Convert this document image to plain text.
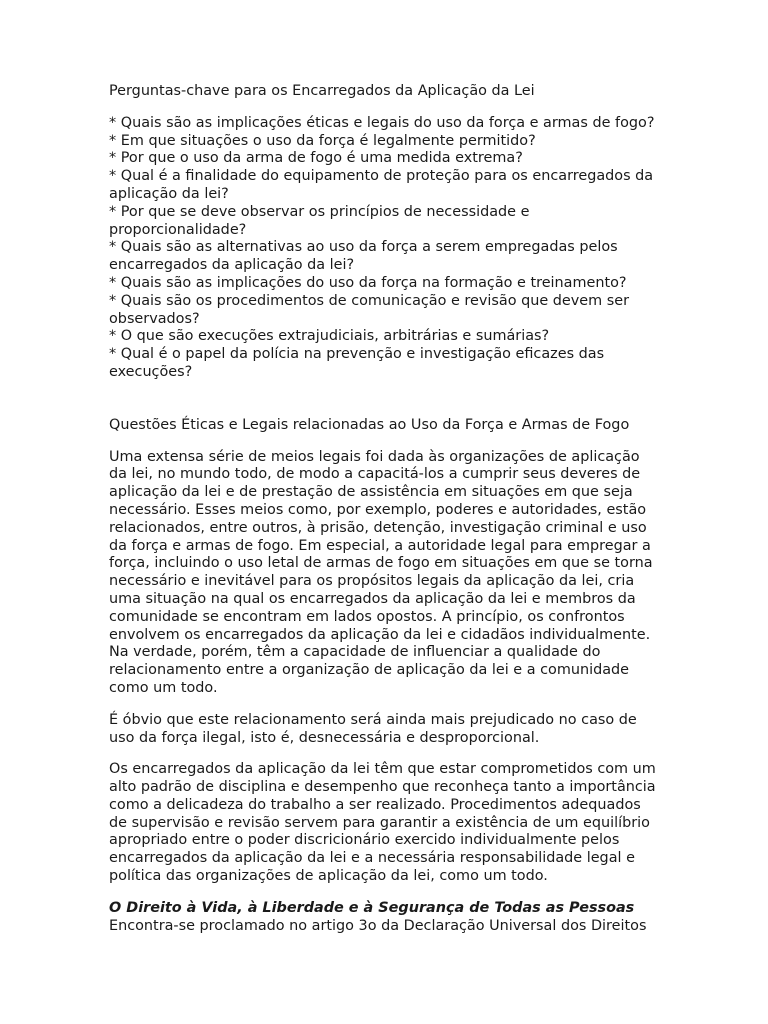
Perguntas-chave para os Encarregados da Aplicação da Lei

* Quais são as implicações éticas e legais do uso da força e armas de fogo?
* Em que situações o uso da força é legalmente permitido?
* Por que o uso da arma de fogo é uma medida extrema?
* Qual é a finalidade do equipamento de proteção para os encarregados da aplicação da lei?
* Por que se deve observar os princípios de necessidade e proporcionalidade?
* Quais são as alternativas ao uso da força a serem empregadas pelos encarregados da aplicação da lei?
* Quais são as implicações do uso da força na formação e treinamento?
* Quais são os procedimentos de comunicação e revisão que devem ser observados?
* O que são execuções extrajudiciais, arbitrárias e sumárias?
* Qual é o papel da polícia na prevenção e investigação eficazes das execuções?

Questões Éticas e Legais relacionadas ao Uso da Força e Armas de Fogo

Uma extensa série de meios legais foi dada às organizações de aplicação da lei, no mundo todo, de modo a capacitá-los a cumprir seus deveres de aplicação da lei e de prestação de assistência em situações em que seja necessário. Esses meios como, por exemplo, poderes e autoridades, estão relacionados, entre outros, à prisão, detenção, investigação criminal e uso da força e armas de fogo. Em especial, a autoridade legal para empregar a força, incluindo o uso letal de armas de fogo em situações em que se torna necessário e inevitável para os propósitos legais da aplicação da lei, cria uma situação na qual os encarregados da aplicação da lei e membros da comunidade se encontram em lados opostos. A princípio, os confrontos envolvem os encarregados da aplicação da lei e cidadãos individualmente. Na verdade, porém, têm a capacidade de influenciar a qualidade do relacionamento entre a organização de aplicação da lei e a comunidade como um todo.

É óbvio que este relacionamento será ainda mais prejudicado no caso de uso da força ilegal, isto é, desnecessária e desproporcional.

Os encarregados da aplicação da lei têm que estar comprometidos com um alto padrão de disciplina e desempenho que reconheça tanto a importância como a delicadeza do trabalho a ser realizado. Procedimentos adequados de supervisão e revisão servem para garantir a existência de um equilíbrio apropriado entre o poder discricionário exercido individualmente pelos encarregados da aplicação da lei e a necessária responsabilidade legal e política das organizações de aplicação da lei, como um todo.

O Direito à Vida, à Liberdade e à Segurança de Todas as Pessoas

Encontra-se proclamado no artigo 3o da Declaração Universal dos Direitos
